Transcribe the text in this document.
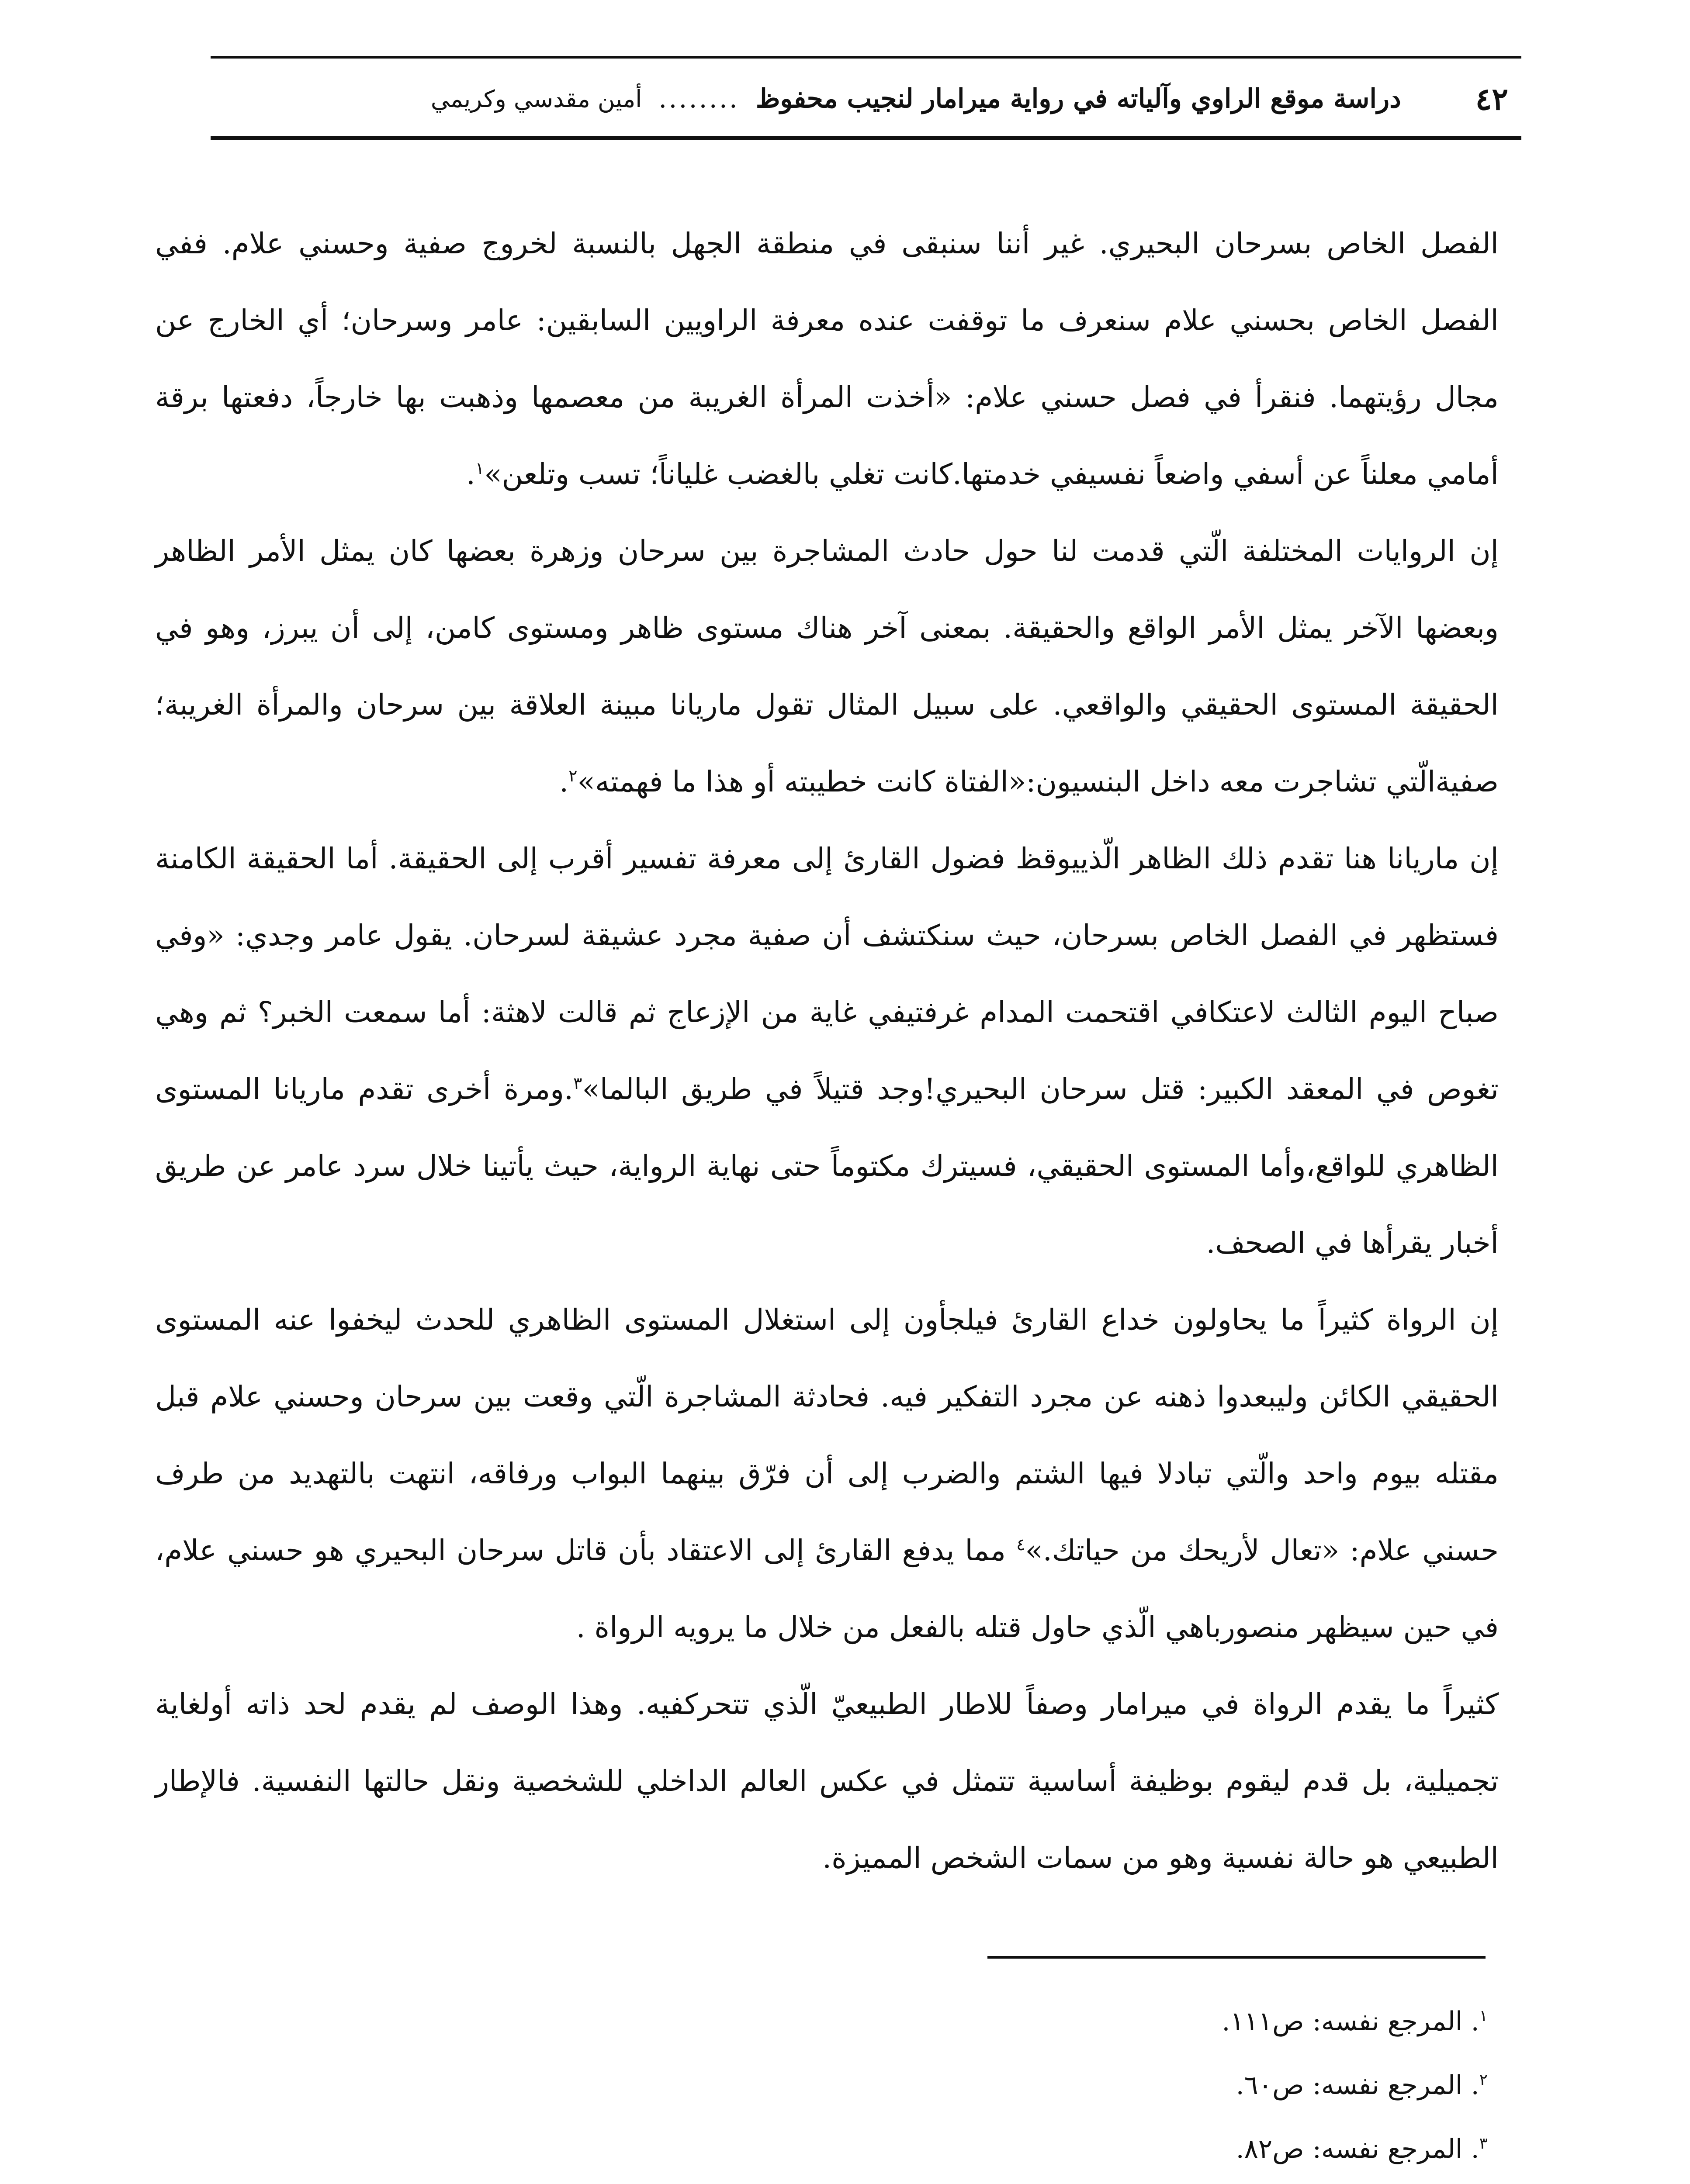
٤٢
دراسة موقع الراوي وآلياته في رواية ميرامار لنجيب محفوظ
........
أمين مقدسي وكريمي

الفصل الخاص بسرحان البحيري. غير أننا سنبقى في منطقة الجهل بالنسبة لخروج صفية وحسني علام. ففي الفصل الخاص بحسني علام سنعرف ما توقفت عنده معرفة الراويين السابقين: عامر وسرحان؛ أي الخارج عن مجال رؤيتهما. فنقرأ في فصل حسني علام: «أخذت المرأة الغريبة من معصمها وذهبت بها خارجاً، دفعتها برقة أمامي معلناً عن أسفي واضعاً نفسيفي خدمتها.كانت تغلي بالغضب غلياناً؛ تسب وتلعن»$^١$.

إن الروايات المختلفة الّتي قدمت لنا حول حادث المشاجرة بين سرحان وزهرة بعضها كان يمثل الأمر الظاهر وبعضها الآخر يمثل الأمر الواقع والحقيقة. بمعنى آخر هناك مستوى ظاهر ومستوى كامن، إلى أن يبرز، وهو في الحقيقة المستوى الحقيقي والواقعي. على سبيل المثال تقول ماريانا مبينة العلاقة بين سرحان والمرأة الغريبة؛ صفيةالّتي تشاجرت معه داخل البنسيون:«الفتاة كانت خطيبته أو هذا ما فهمته»$^٢$.

إن ماريانا هنا تقدم ذلك الظاهر الّذييوقظ فضول القارئ إلى معرفة تفسير أقرب إلى الحقيقة. أما الحقيقة الكامنة فستظهر في الفصل الخاص بسرحان، حيث سنكتشف أن صفية مجرد عشيقة لسرحان. يقول عامر وجدي: «وفي صباح اليوم الثالث لاعتكافي اقتحمت المدام غرفتيفي غاية من الإزعاج ثم قالت لاهثة: أما سمعت الخبر؟ ثم وهي تغوص في المعقد الكبير: قتل سرحان البحيري!وجد قتيلاً في طريق البالما»$^٣$.ومرة أخرى تقدم ماريانا المستوى الظاهري للواقع،وأما المستوى الحقيقي، فسيترك مكتوماً حتى نهاية الرواية، حيث يأتينا خلال سرد عامر عن طريق أخبار يقرأها في الصحف.

إن الرواة كثيراً ما يحاولون خداع القارئ فيلجأون إلى استغلال المستوى الظاهري للحدث ليخفوا عنه المستوى الحقيقي الكائن وليبعدوا ذهنه عن مجرد التفكير فيه. فحادثة المشاجرة الّتي وقعت بين سرحان وحسني علام قبل مقتله بيوم واحد والّتي تبادلا فيها الشتم والضرب إلى أن فرّق بينهما البواب ورفاقه، انتهت بالتهديد من طرف حسني علام: «تعال لأريحك من حياتك.»$^٤$ مما يدفع القارئ إلى الاعتقاد بأن قاتل سرحان البحيري هو حسني علام، في حين سيظهر منصورباهي الّذي حاول قتله بالفعل من خلال ما يرويه الرواة .

كثيراً ما يقدم الرواة في ميرامار وصفاً للاطار الطبيعيّ الّذي تتحركفيه. وهذا الوصف لم يقدم لحد ذاته أولغاية تجميلية، بل قدم ليقوم بوظيفة أساسية تتمثل في عكس العالم الداخلي للشخصية ونقل حالتها النفسية. فالإطار الطبيعي هو حالة نفسية وهو من سمات الشخص المميزة.

$^١$. المرجع نفسه: ص١١١.
$^٢$. المرجع نفسه: ص٦٠.
$^٣$. المرجع نفسه: ص٨٢.
